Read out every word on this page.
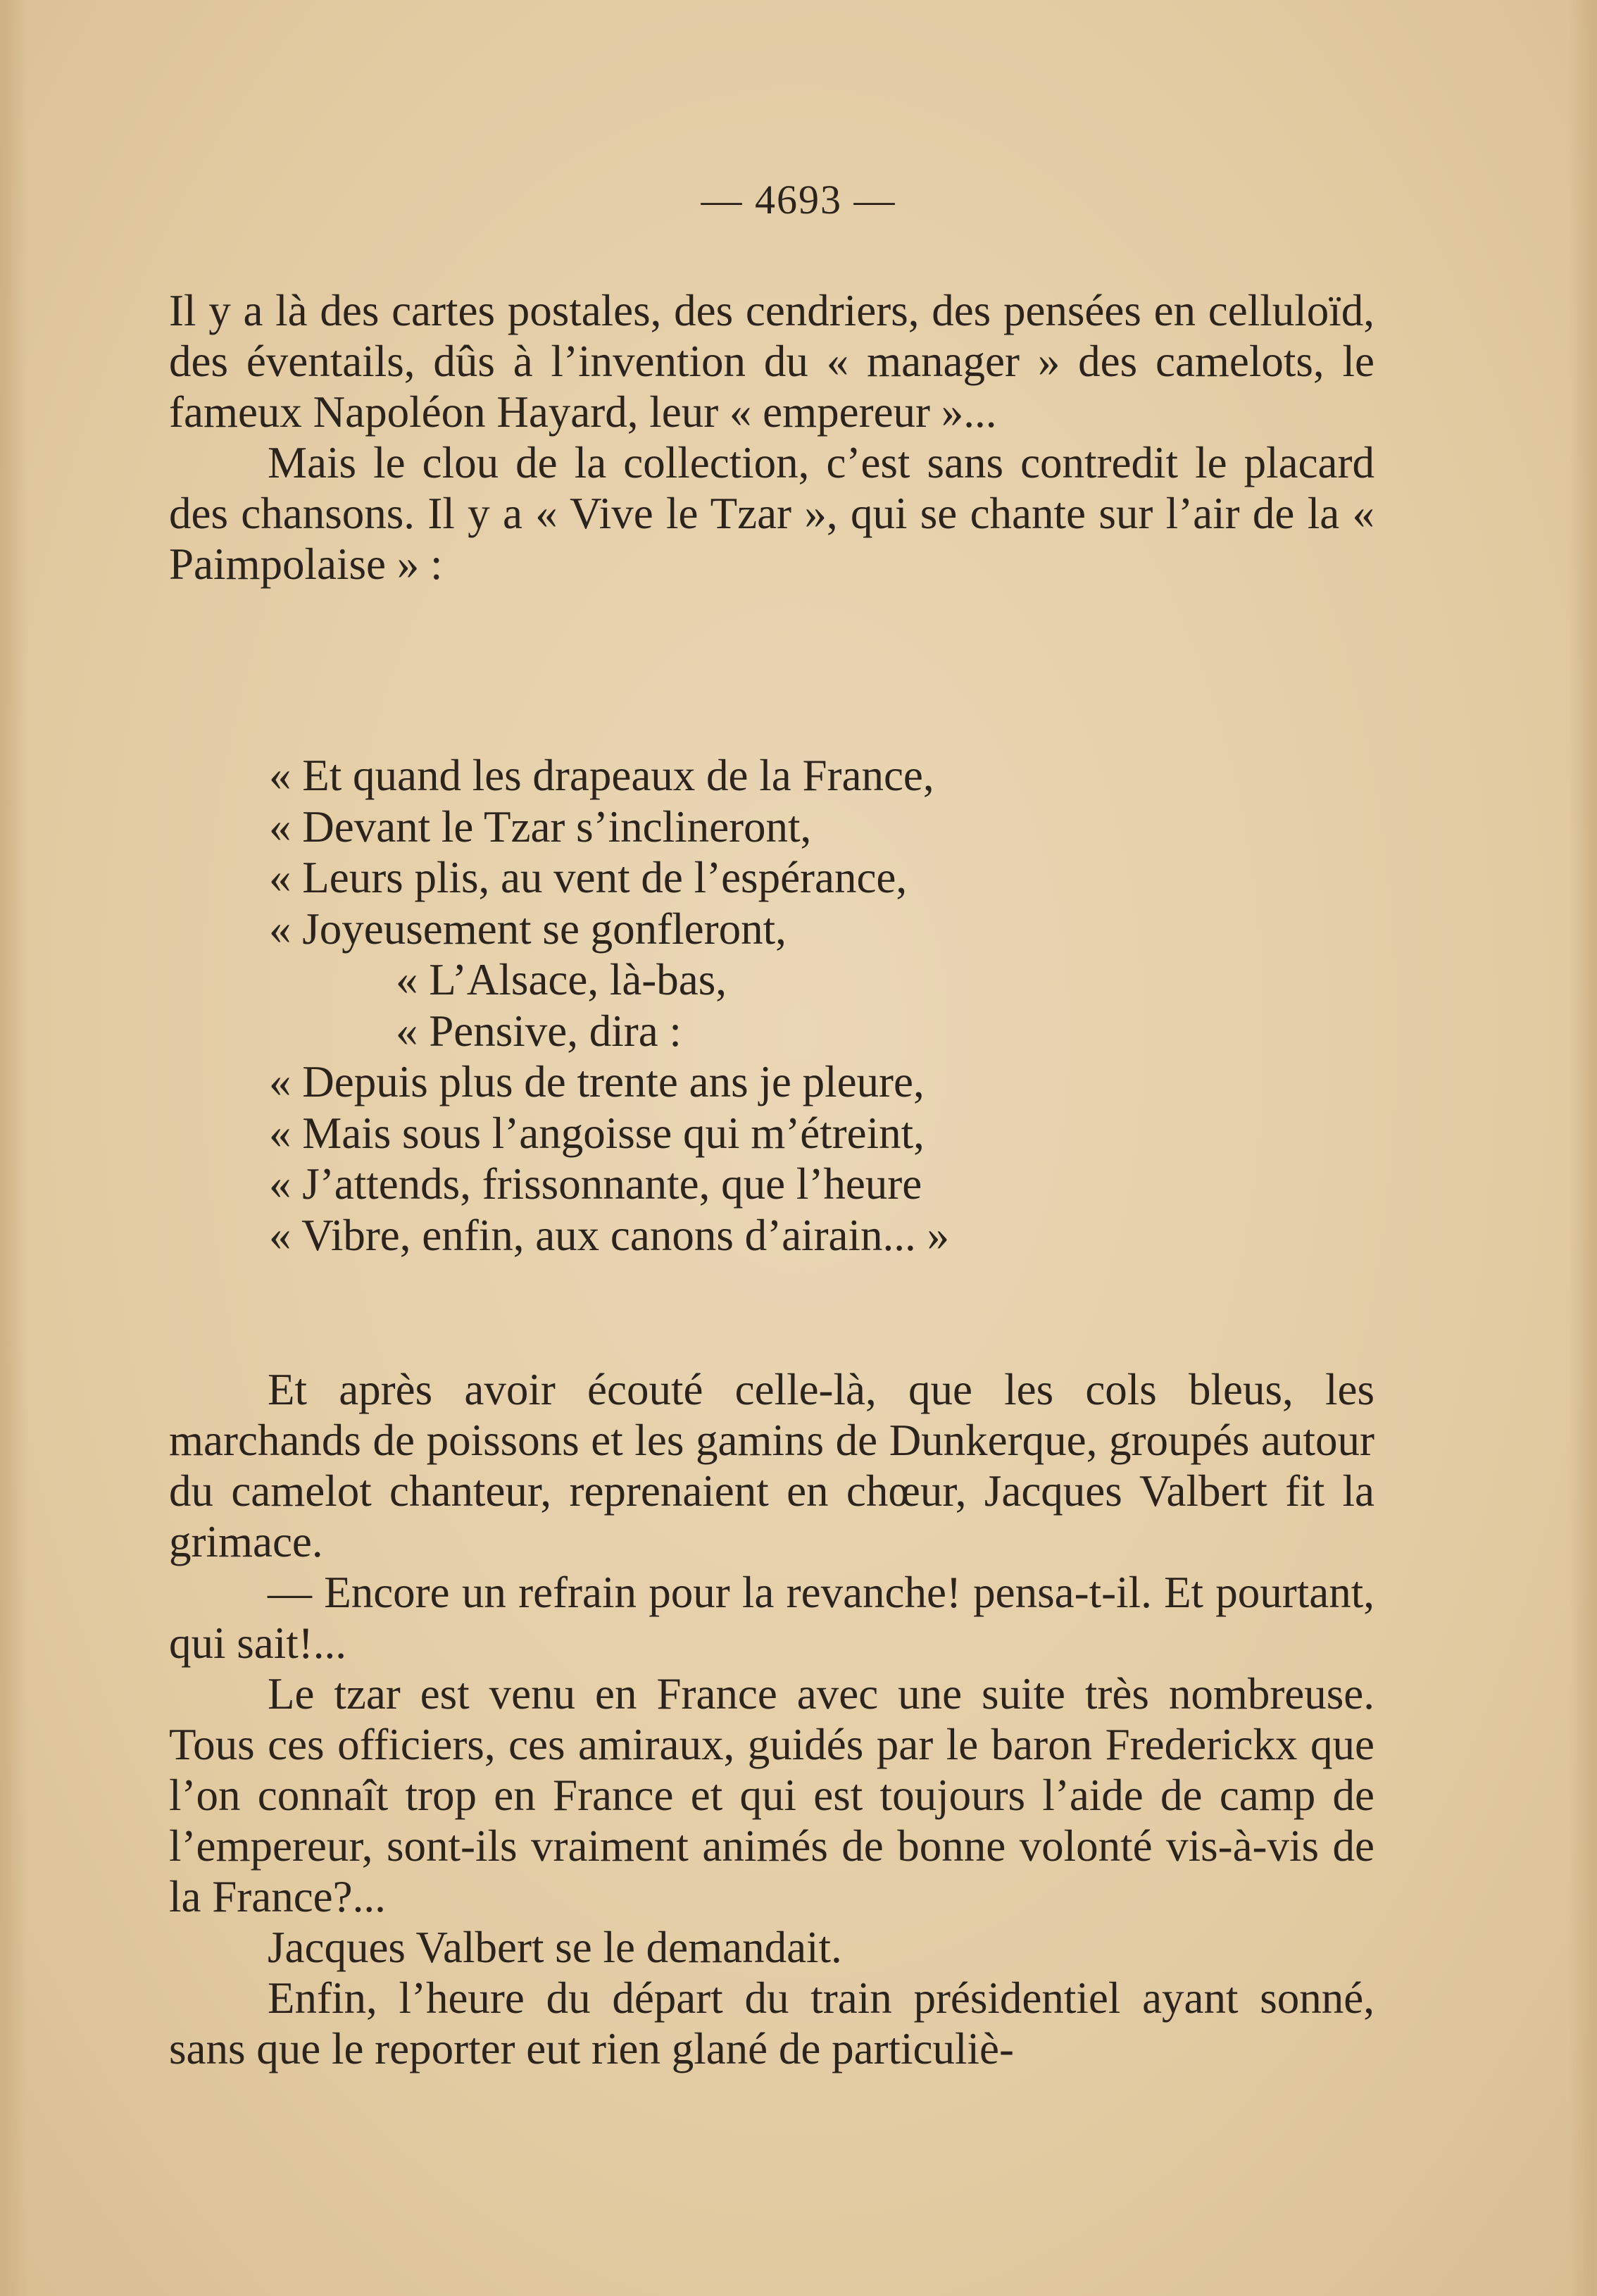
— 4693 —

Il y a là des cartes postales, des cendriers, des pensées en celluloïd, des éventails, dûs à l’invention du « manager » des camelots, le fameux Napoléon Hayard, leur « empereur »...

Mais le clou de la collection, c’est sans contredit le placard des chansons. Il y a « Vive le Tzar », qui se chante sur l’air de la « Paimpolaise » :

« Et quand les drapeaux de la France,
« Devant le Tzar s’inclineront,
« Leurs plis, au vent de l’espérance,
« Joyeusement se gonfleront,
« L’Alsace, là-bas,
« Pensive, dira :
« Depuis plus de trente ans je pleure,
« Mais sous l’angoisse qui m’étreint,
« J’attends, frissonnante, que l’heure
« Vibre, enfin, aux canons d’airain... »

Et après avoir écouté celle-là, que les cols bleus, les marchands de poissons et les gamins de Dunkerque, groupés autour du camelot chanteur, reprenaient en chœur, Jacques Valbert fit la grimace.

— Encore un refrain pour la revanche! pensa-t-il. Et pourtant, qui sait!...

Le tzar est venu en France avec une suite très nombreuse. Tous ces officiers, ces amiraux, guidés par le baron Frederickx que l’on connaît trop en France et qui est toujours l’aide de camp de l’empereur, sont-ils vraiment animés de bonne volonté vis-à-vis de la France?...

Jacques Valbert se le demandait.

Enfin, l’heure du départ du train présidentiel ayant sonné, sans que le reporter eut rien glané de particuliè-
